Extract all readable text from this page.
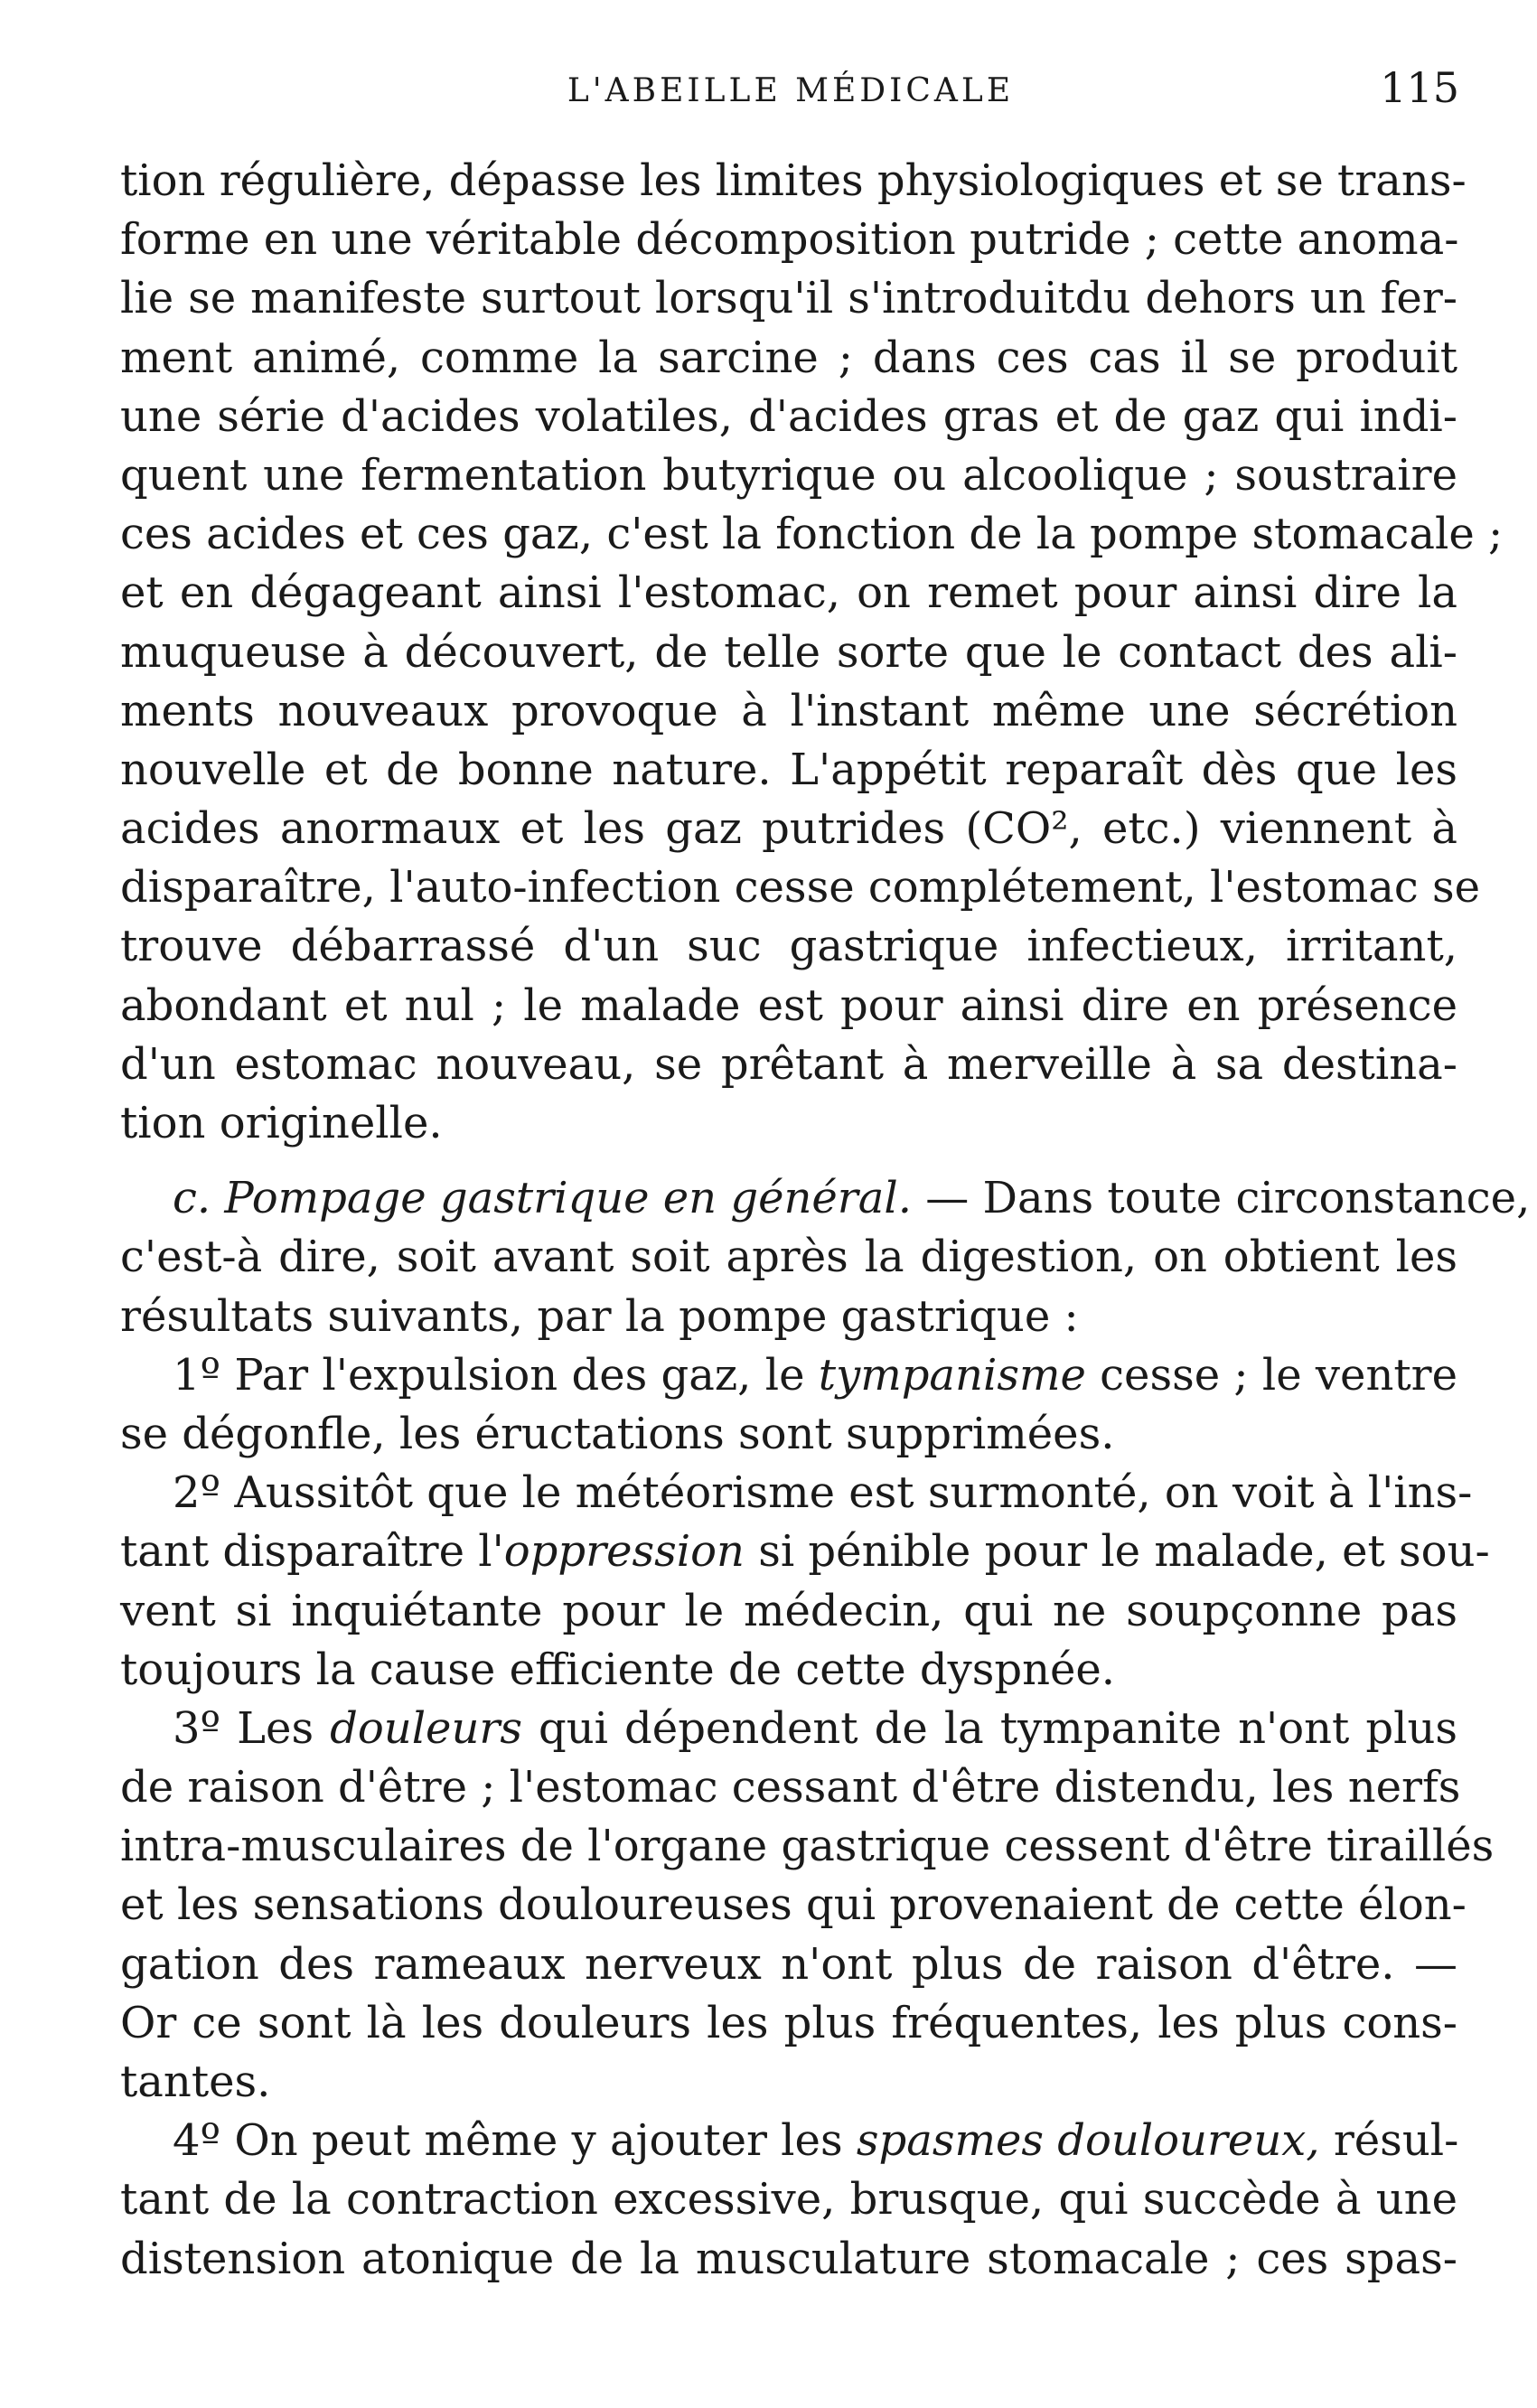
L'ABEILLE MÉDICALE	115
tion régulière, dépasse les limites physiologiques et se trans-
forme en une véritable décomposition putride ; cette anoma-
lie se manifeste surtout lorsqu'il s'introduitdu dehors un fer-
ment animé, comme la sarcine ; dans ces cas il se produit
une série d'acides volatiles, d'acides gras et de gaz qui indi-
quent une fermentation butyrique ou alcoolique ; soustraire
ces acides et ces gaz, c'est la fonction de la pompe stomacale ;
et en dégageant ainsi l'estomac, on remet pour ainsi dire la
muqueuse à découvert, de telle sorte que le contact des ali-
ments nouveaux provoque à l'instant même une sécrétion
nouvelle et de bonne nature. L'appétit reparaît dès que les
acides anormaux et les gaz putrides (CO², etc.) viennent à
disparaître, l'auto-infection cesse complétement, l'estomac se
trouve débarrassé d'un suc gastrique infectieux, irritant,
abondant et nul ; le malade est pour ainsi dire en présence
d'un estomac nouveau, se prêtant à merveille à sa destina-
tion originelle.
c. Pompage gastrique en général. — Dans toute circonstance,
c'est-à dire, soit avant soit après la digestion, on obtient les
résultats suivants, par la pompe gastrique :
1º Par l'expulsion des gaz, le tympanisme cesse ; le ventre
se dégonfle, les éructations sont supprimées.
2º Aussitôt que le météorisme est surmonté, on voit à l'ins-
tant disparaître l'oppression si pénible pour le malade, et sou-
vent si inquiétante pour le médecin, qui ne soupçonne pas
toujours la cause efficiente de cette dyspnée.
3º Les douleurs qui dépendent de la tympanite n'ont plus
de raison d'être ; l'estomac cessant d'être distendu, les nerfs
intra-musculaires de l'organe gastrique cessent d'être tiraillés
et les sensations douloureuses qui provenaient de cette élon-
gation des rameaux nerveux n'ont plus de raison d'être. —
Or ce sont là les douleurs les plus fréquentes, les plus cons-
tantes.
4º On peut même y ajouter les spasmes douloureux, résul-
tant de la contraction excessive, brusque, qui succède à une
distension atonique de la musculature stomacale ; ces spas-
